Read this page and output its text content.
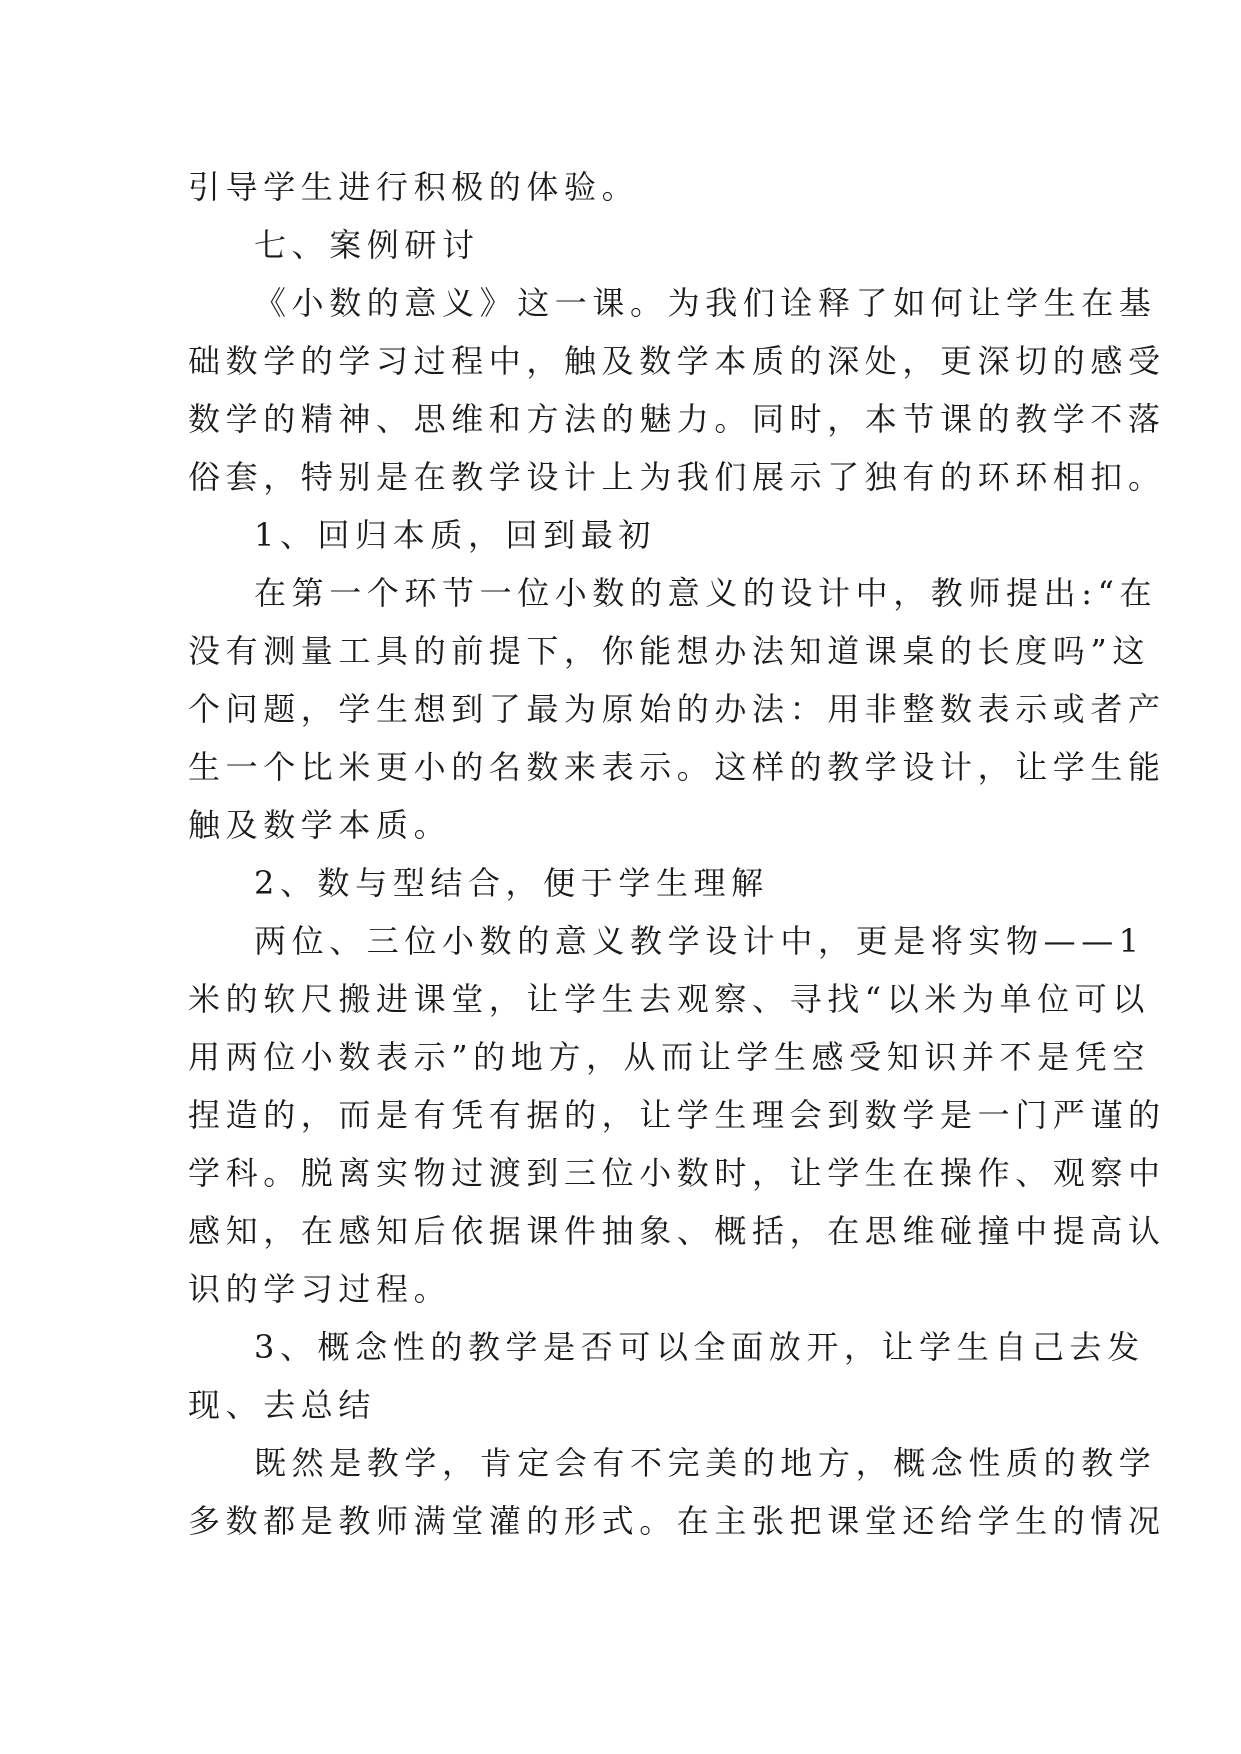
引导学生进行积极的体验。
七、案例研讨
《小数的意义》这一课。为我们诠释了如何让学生在基
础数学的学习过程中，触及数学本质的深处，更深切的感受
数学的精神、思维和方法的魅力。同时，本节课的教学不落
俗套，特别是在教学设计上为我们展示了独有的环环相扣。
1、回归本质，回到最初
在第一个环节一位小数的意义的设计中，教师提出:“在
没有测量工具的前提下，你能想办法知道课桌的长度吗”这
个问题，学生想到了最为原始的办法：用非整数表示或者产
生一个比米更小的名数来表示。这样的教学设计，让学生能
触及数学本质。
2、数与型结合，便于学生理解
两位、三位小数的意义教学设计中，更是将实物——1
米的软尺搬进课堂，让学生去观察、寻找“以米为单位可以
用两位小数表示”的地方，从而让学生感受知识并不是凭空
捏造的，而是有凭有据的，让学生理会到数学是一门严谨的
学科。脱离实物过渡到三位小数时，让学生在操作、观察中
感知，在感知后依据课件抽象、概括，在思维碰撞中提高认
识的学习过程。
3、概念性的教学是否可以全面放开，让学生自己去发
现、去总结
既然是教学，肯定会有不完美的地方，概念性质的教学
多数都是教师满堂灌的形式。在主张把课堂还给学生的情况
